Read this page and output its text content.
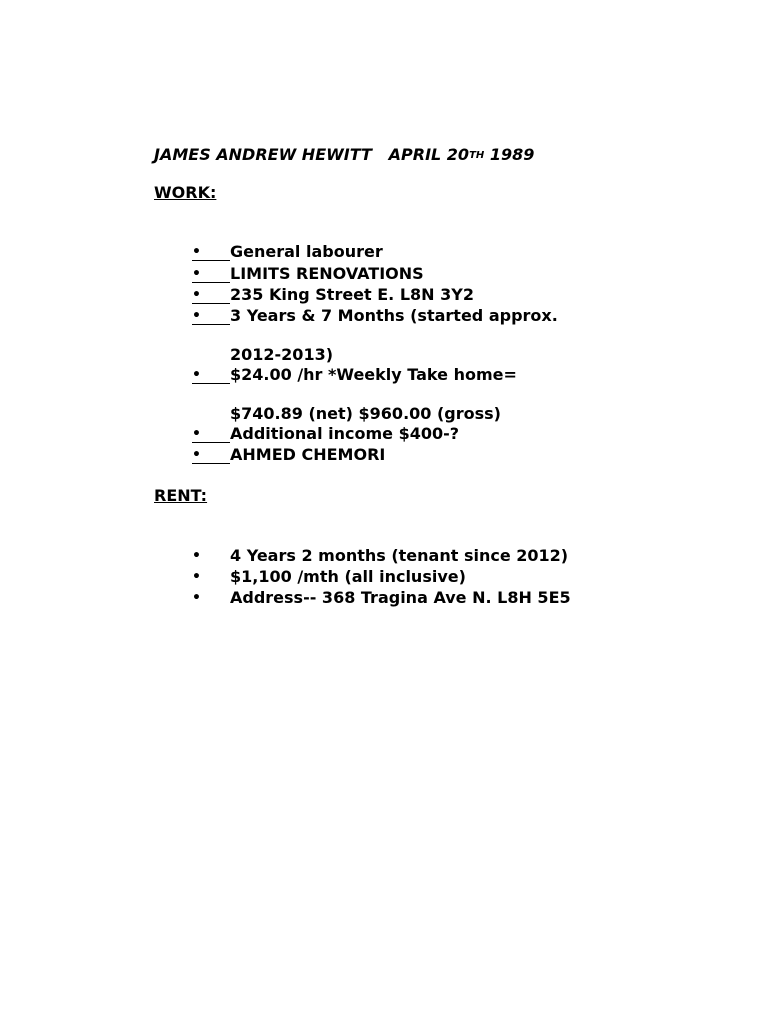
JAMES ANDREW HEWITT APRIL 20TH 1989
WORK:
•	General labourer
•	LIMITS RENOVATIONS
•	235 King Street E. L8N 3Y2
•	3 Years & 7 Months (started approx.
2012-2013)
•	$24.00 /hr *Weekly Take home=
$740.89 (net) $960.00 (gross)
•	Additional income $400-?
•	AHMED CHEMORI
RENT:
•	4 Years 2 months (tenant since 2012)
•	$1,100 /mth (all inclusive)
•	Address-- 368 Tragina Ave N. L8H 5E5
